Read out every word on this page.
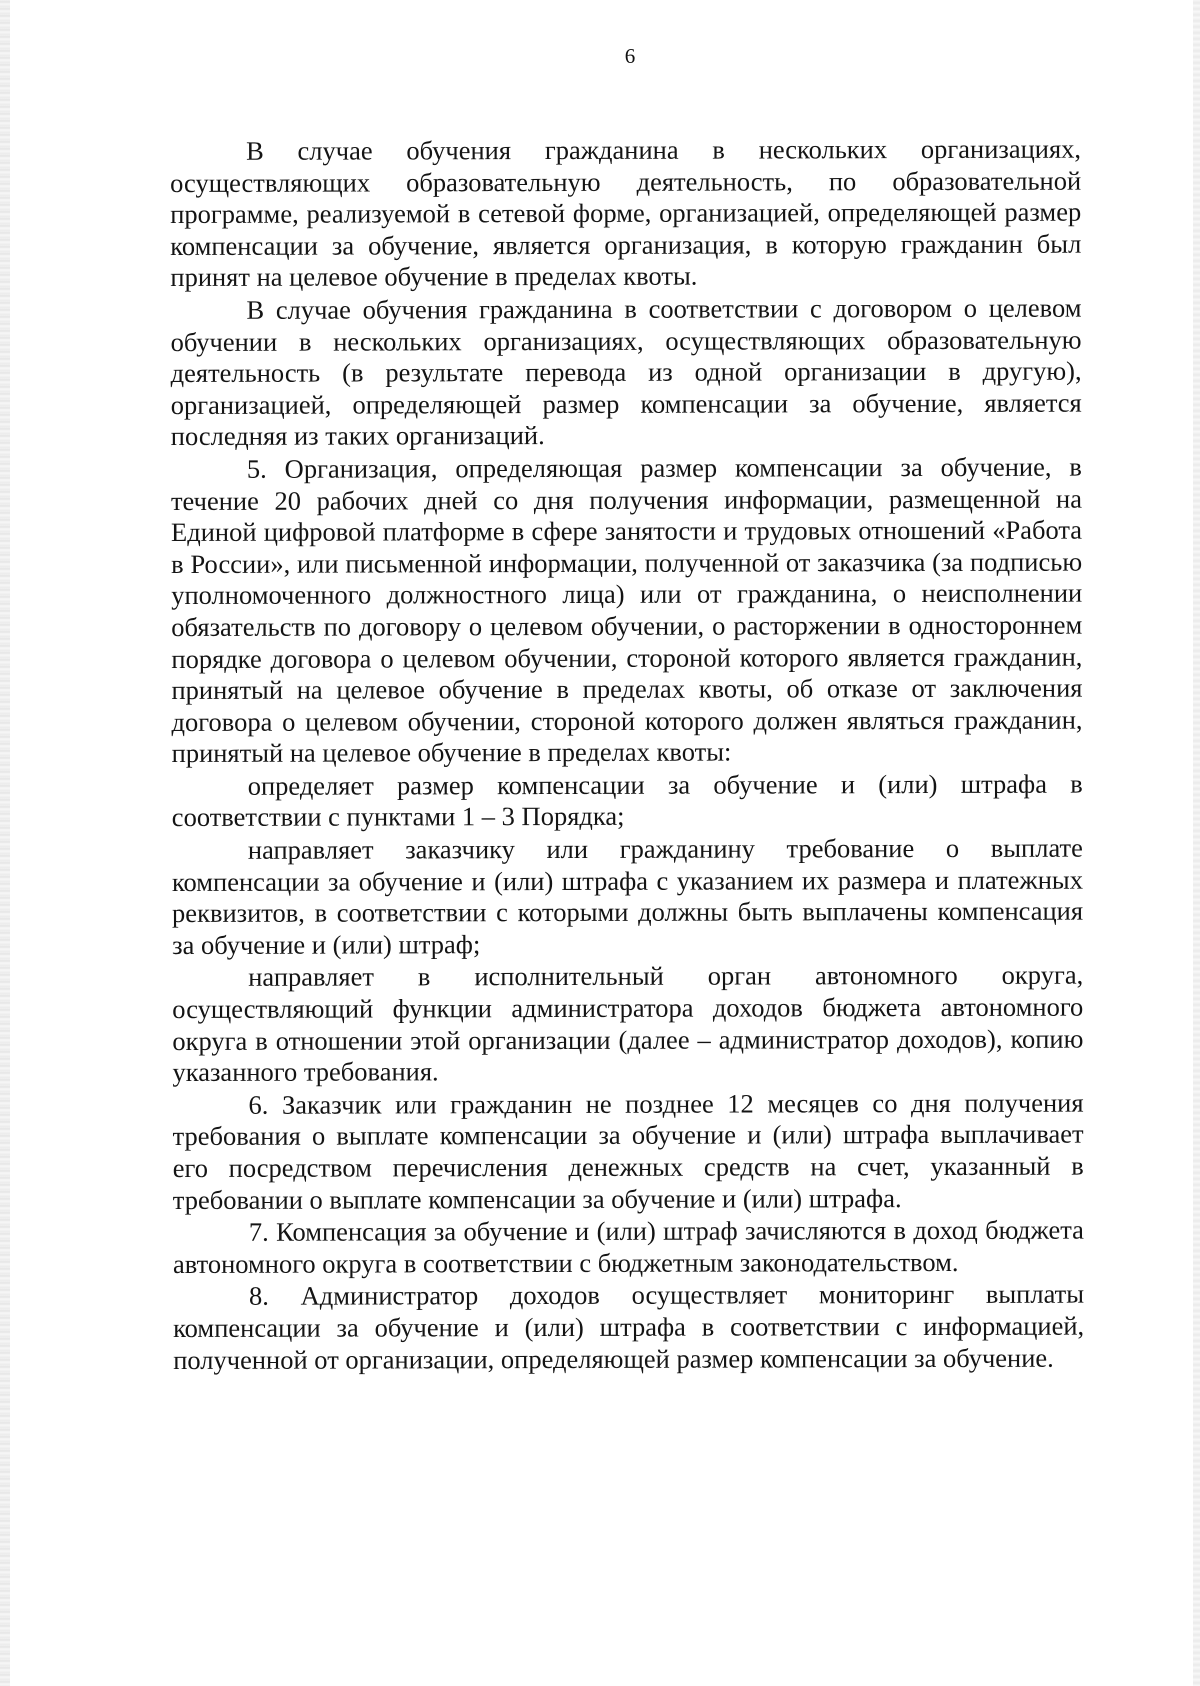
6

В случае обучения гражданина в нескольких организациях, осуществляющих образовательную деятельность, по образовательной программе, реализуемой в сетевой форме, организацией, определяющей размер компенсации за обучение, является организация, в которую гражданин был принят на целевое обучение в пределах квоты.

В случае обучения гражданина в соответствии с договором о целевом обучении в нескольких организациях, осуществляющих образовательную деятельность (в результате перевода из одной организации в другую), организацией, определяющей размер компенсации за обучение, является последняя из таких организаций.

5. Организация, определяющая размер компенсации за обучение, в течение 20 рабочих дней со дня получения информации, размещенной на Единой цифровой платформе в сфере занятости и трудовых отношений «Работа в России», или письменной информации, полученной от заказчика (за подписью уполномоченного должностного лица) или от гражданина, о неисполнении обязательств по договору о целевом обучении, о расторжении в одностороннем порядке договора о целевом обучении, стороной которого является гражданин, принятый на целевое обучение в пределах квоты, об отказе от заключения договора о целевом обучении, стороной которого должен являться гражданин, принятый на целевое обучение в пределах квоты:

определяет размер компенсации за обучение и (или) штрафа в соответствии с пунктами 1 – 3 Порядка;

направляет заказчику или гражданину требование о выплате компенсации за обучение и (или) штрафа с указанием их размера и платежных реквизитов, в соответствии с которыми должны быть выплачены компенсация за обучение и (или) штраф;

направляет в исполнительный орган автономного округа, осуществляющий функции администратора доходов бюджета автономного округа в отношении этой организации (далее – администратор доходов), копию указанного требования.

6. Заказчик или гражданин не позднее 12 месяцев со дня получения требования о выплате компенсации за обучение и (или) штрафа выплачивает его посредством перечисления денежных средств на счет, указанный в требовании о выплате компенсации за обучение и (или) штрафа.

7. Компенсация за обучение и (или) штраф зачисляются в доход бюджета автономного округа в соответствии с бюджетным законодательством.

8. Администратор доходов осуществляет мониторинг выплаты компенсации за обучение и (или) штрафа в соответствии с информацией, полученной от организации, определяющей размер компенсации за обучение.
